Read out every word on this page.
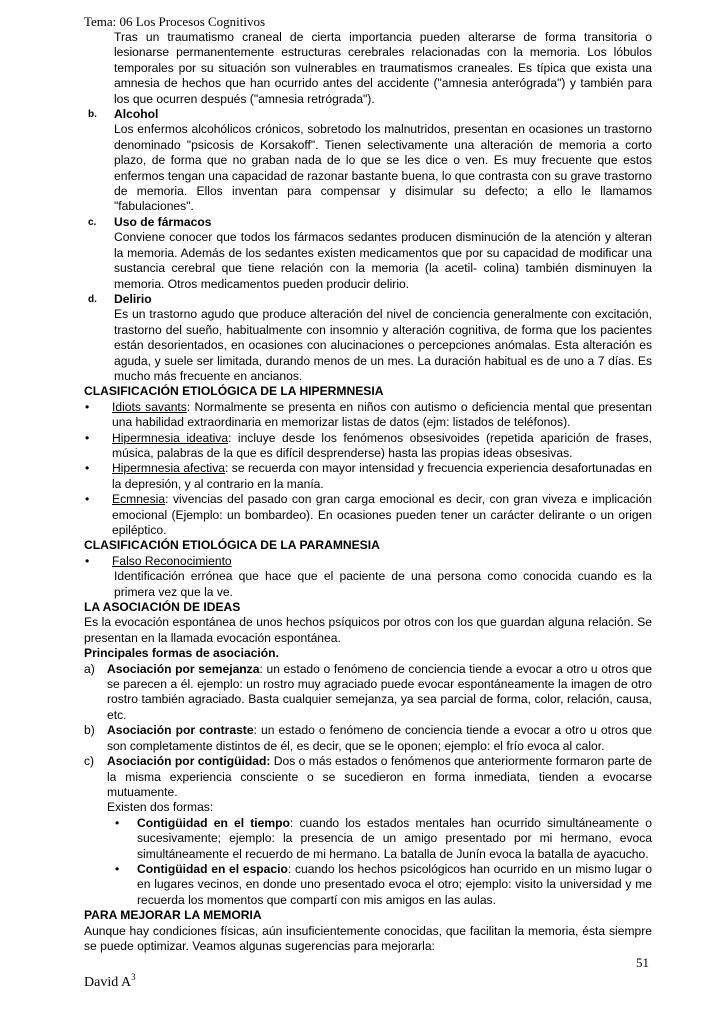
Tema: 06 Los Procesos Cognitivos

Tras un traumatismo craneal de cierta importancia pueden alterarse de forma transitoria o lesionarse permanentemente estructuras cerebrales relacionadas con la memoria. Los lóbulos temporales por su situación son vulnerables en traumatismos craneales. Es típica que exista una amnesia de hechos que han ocurrido antes del accidente ("amnesia anterógrada") y también para los que ocurren después ("amnesia retrógrada").

b.	Alcohol

Los enfermos alcohólicos crónicos, sobretodo los malnutridos, presentan en ocasiones un trastorno denominado "psicosis de Korsakoff". Tienen selectivamente una alteración de memoria a corto plazo, de forma que no graban nada de lo que se les dice o ven. Es muy frecuente que estos enfermos tengan una capacidad de razonar bastante buena, lo que contrasta con su grave trastorno de memoria. Ellos inventan para compensar y disimular su defecto; a ello le llamamos "fabulaciones".

c.	Uso de fármacos

Conviene conocer que todos los fármacos sedantes producen disminución de la atención y alteran la memoria. Además de los sedantes existen medicamentos que por su capacidad de modificar una sustancia cerebral que tiene relación con la memoria (la acetil- colina) también disminuyen la memoria. Otros medicamentos pueden producir delirio.

d.	Delirio

Es un trastorno agudo que produce alteración del nivel de conciencia generalmente con excitación, trastorno del sueño, habitualmente con insomnio y alteración cognitiva, de forma que los pacientes están desorientados, en ocasiones con alucinaciones o percepciones anómalas. Esta alteración es aguda, y suele ser limitada, durando menos de un mes. La duración habitual es de uno a 7 días. Es mucho más frecuente en ancianos.

CLASIFICACIÓN ETIOLÓGICA DE LA HIPERMNESIA
•	Idiots savants: Normalmente se presenta en niños con autismo o deficiencia mental que presentan una habilidad extraordinaria en memorizar listas de datos (ejm: listados de teléfonos).

•	Hipermnesia ideativa: incluye desde los fenómenos obsesivoides (repetida aparición de frases, música, palabras de la que es difícil desprenderse) hasta las propias ideas obsesivas.

•	Hipermnesia afectiva: se recuerda con mayor intensidad y frecuencia experiencia desafortunadas en la depresión, y al contrario en la manía.

•	Ecmnesia: vivencias del pasado con gran carga emocional es decir, con gran viveza e implicación emocional (Ejemplo: un bombardeo). En ocasiones pueden tener un carácter delirante o un origen epiléptico.

CLASIFICACIÓN ETIOLÓGICA DE LA PARAMNESIA
•	Falso Reconocimiento

Identificación errónea que hace que el paciente de una persona como conocida cuando es la primera vez que la ve.

LA ASOCIACIÓN DE IDEAS

Es la evocación espontánea de unos hechos psíquicos por otros con los que guardan alguna relación. Se presentan en la llamada evocación espontánea.

Principales formas de asociación.
a)	Asociación por semejanza: un estado o fenómeno de conciencia tiende a evocar a otro u otros que se parecen a él. ejemplo: un rostro muy agraciado puede evocar espontáneamente la imagen de otro rostro también agraciado. Basta cualquier semejanza, ya sea parcial de forma, color, relación, causa, etc.

b)	Asociación por contraste: un estado o fenómeno de conciencia tiende a evocar a otro u otros que son completamente distintos de él, es decir, que se le oponen; ejemplo: el frío evoca al calor.

c)	Asociación por contigüidad: Dos o más estados o fenómenos que anteriormente formaron parte de la misma experiencia consciente o se sucedieron en forma inmediata, tienden a evocarse mutuamente.

Existen dos formas:

•	Contigüidad en el tiempo: cuando los estados mentales han ocurrido simultáneamente o sucesivamente; ejemplo: la presencia de un amigo presentado por mi hermano, evoca simultáneamente el recuerdo de mi hermano. La batalla de Junín evoca la batalla de ayacucho.

•	Contigüidad en el espacio: cuando los hechos psicológicos han ocurrido en un mismo lugar o en lugares vecinos, en donde uno presentado evoca el otro; ejemplo: visito la universidad y me recuerda los momentos que compartí con mis amigos en las aulas.

PARA MEJORAR LA MEMORIA

Aunque hay condiciones físicas, aún insuficientemente conocidas, que facilitan la memoria, ésta siempre se puede optimizar. Veamos algunas sugerencias para mejorarla:

51
David $A^3$
